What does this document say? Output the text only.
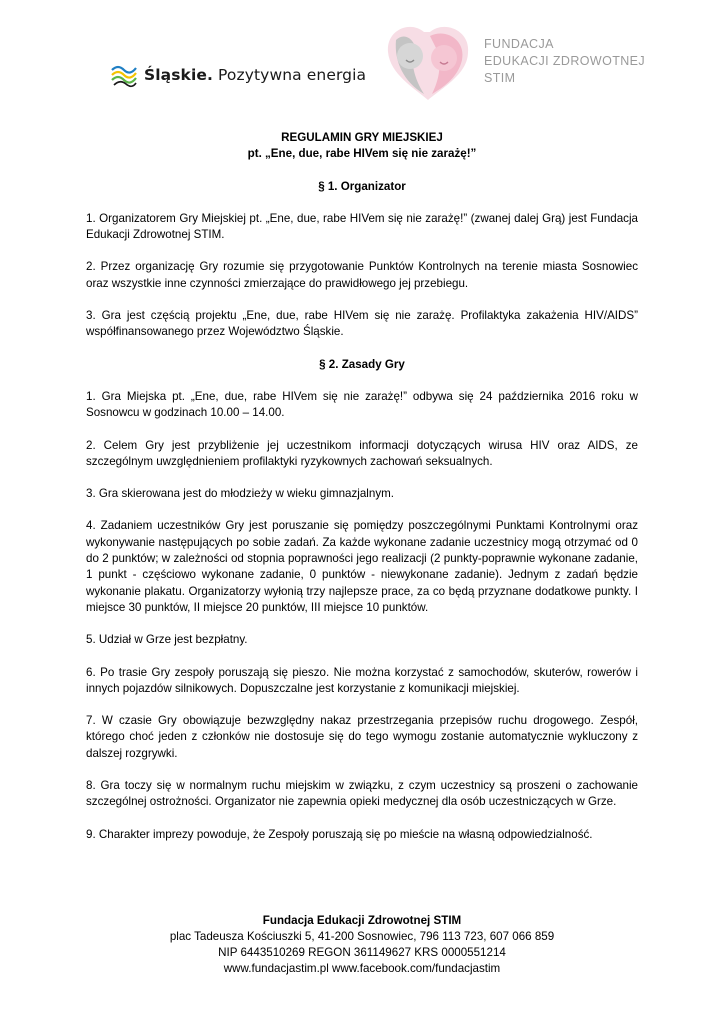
Śląskie. Pozytywna energia
FUNDACJA
EDUKACJI ZDROWOTNEJ
STIM

REGULAMIN GRY MIEJSKIEJ

pt. „Ene, due, rabe HIVem się nie zarażę!”

§ 1. Organizator

1. Organizatorem Gry Miejskiej pt. „Ene, due, rabe HIVem się nie zarażę!” (zwanej dalej Grą) jest Fundacja Edukacji Zdrowotnej STIM.

2. Przez organizację Gry rozumie się przygotowanie Punktów Kontrolnych na terenie miasta Sosnowiec oraz wszystkie inne czynności zmierzające do prawidłowego jej przebiegu.

3. Gra jest częścią projektu „Ene, due, rabe HIVem się nie zarażę. Profilaktyka zakażenia HIV/AIDS” współfinansowanego przez Województwo Śląskie.

§ 2. Zasady Gry

1. Gra Miejska pt. „Ene, due, rabe HIVem się nie zarażę!” odbywa się 24 października 2016 roku w Sosnowcu w godzinach 10.00 – 14.00.

2. Celem Gry jest przybliżenie jej uczestnikom informacji dotyczących wirusa HIV oraz AIDS, ze szczególnym uwzględnieniem profilaktyki ryzykownych zachowań seksualnych.

3. Gra skierowana jest do młodzieży w wieku gimnazjalnym.

4. Zadaniem uczestników Gry jest poruszanie się pomiędzy poszczególnymi Punktami Kontrolnymi oraz wykonywanie następujących po sobie zadań. Za każde wykonane zadanie uczestnicy mogą otrzymać od 0 do 2 punktów; w zależności od stopnia poprawności jego realizacji (2 punkty-poprawnie wykonane zadanie, 1 punkt - częściowo wykonane zadanie, 0 punktów - niewykonane zadanie). Jednym z zadań będzie wykonanie plakatu. Organizatorzy wyłonią trzy najlepsze prace, za co będą przyznane dodatkowe punkty. I miejsce 30 punktów, II miejsce 20 punktów, III miejsce 10 punktów.

5. Udział w Grze jest bezpłatny.

6. Po trasie Gry zespoły poruszają się pieszo. Nie można korzystać z samochodów, skuterów, rowerów i innych pojazdów silnikowych. Dopuszczalne jest korzystanie z komunikacji miejskiej.

7. W czasie Gry obowiązuje bezwzględny nakaz przestrzegania przepisów ruchu drogowego. Zespół, którego choć jeden z członków nie dostosuje się do tego wymogu zostanie automatycznie wykluczony z dalszej rozgrywki.

8. Gra toczy się w normalnym ruchu miejskim w związku, z czym uczestnicy są proszeni o zachowanie szczególnej ostrożności. Organizator nie zapewnia opieki medycznej dla osób uczestniczących w Grze.

9. Charakter imprezy powoduje, że Zespoły poruszają się po mieście na własną odpowiedzialność.

Fundacja Edukacji Zdrowotnej STIM
plac Tadeusza Kościuszki 5, 41-200 Sosnowiec, 796 113 723, 607 066 859
NIP 6443510269 REGON 361149627 KRS 0000551214
www.fundacjastim.pl www.facebook.com/fundacjastim
